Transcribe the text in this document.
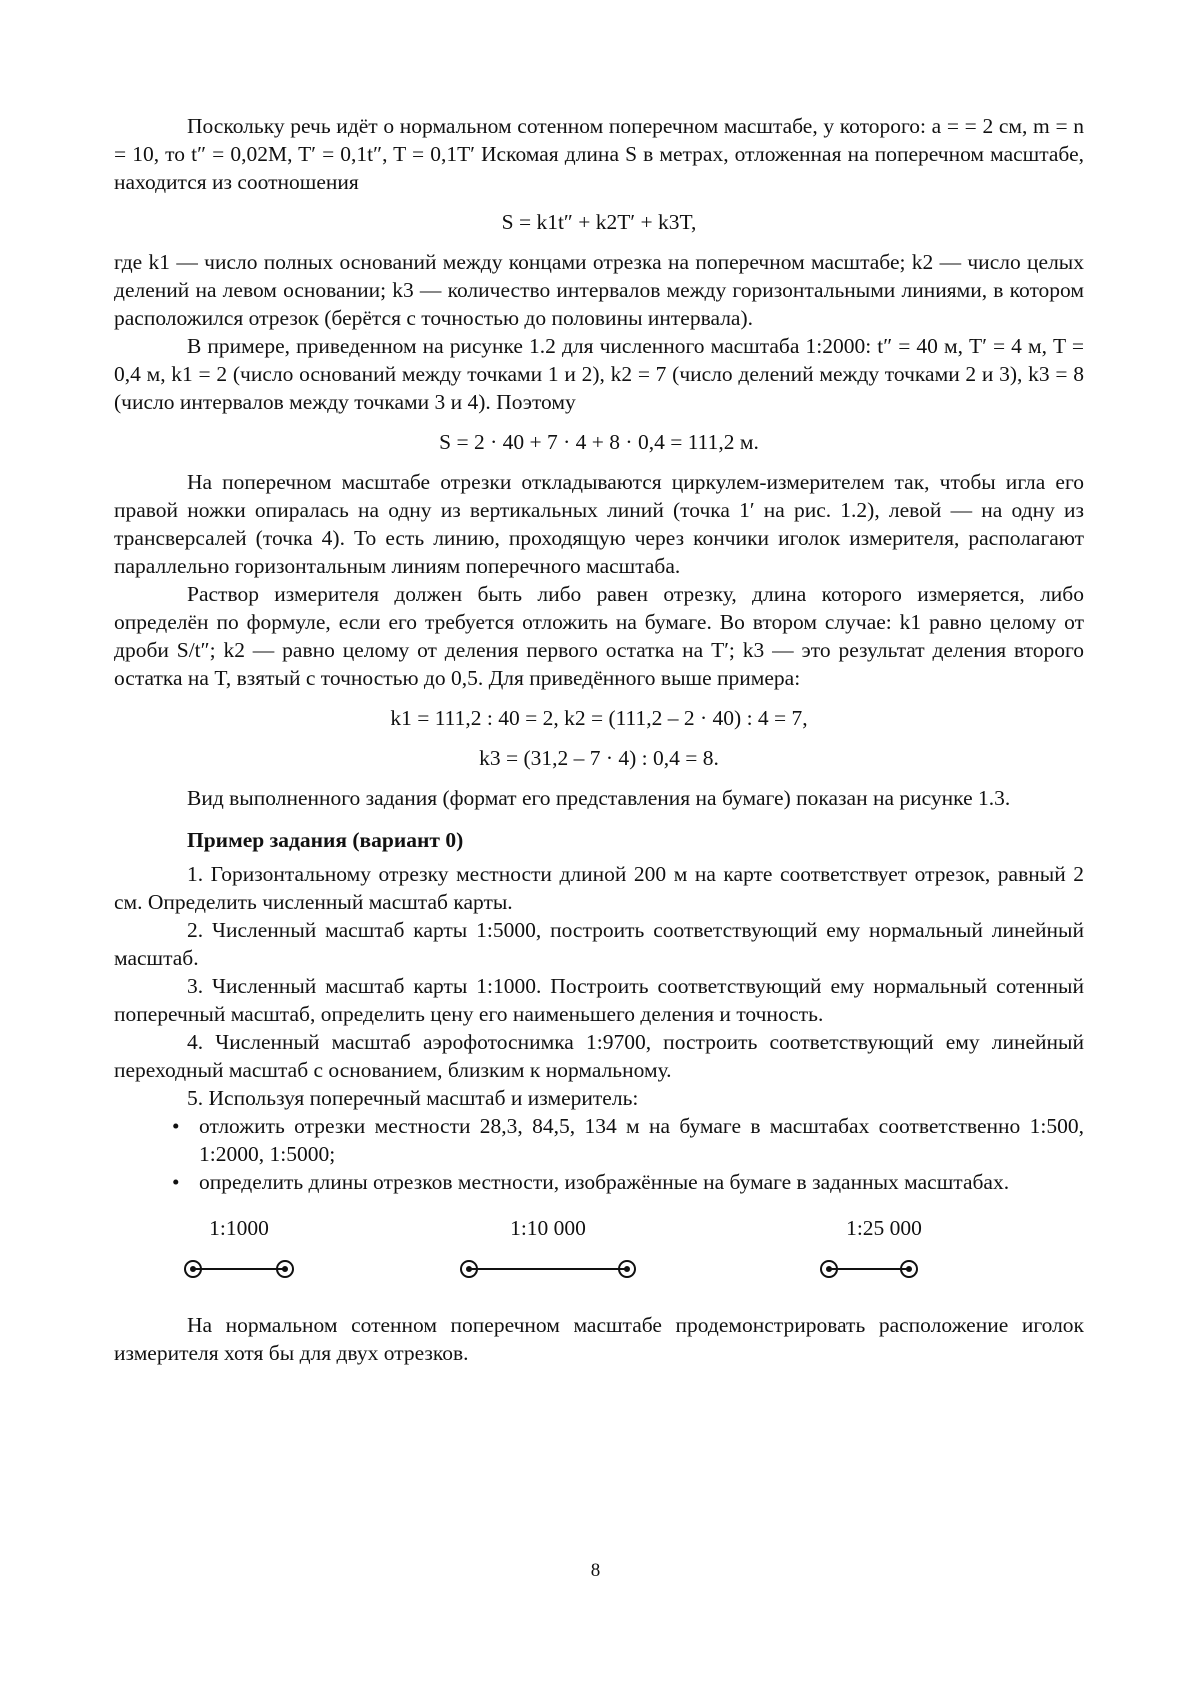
Поскольку речь идёт о нормальном сотенном поперечном масштабе, у которого: a = = 2 см, m = n = 10, то t″ = 0,02M, T′ = 0,1t″, T = 0,1T′ Искомая длина S в метрах, отложенная на поперечном масштабе, находится из соотношения

S = k1t″ + k2T′ + k3T,

где k1 — число полных оснований между концами отрезка на поперечном масштабе; k2 — число целых делений на левом основании; k3 — количество интервалов между горизонтальными линиями, в котором расположился отрезок (берётся с точностью до половины интервала).

В примере, приведенном на рисунке 1.2 для численного масштаба 1:2000: t″ = 40 м, T′ = 4 м, T = 0,4 м, k1 = 2 (число оснований между точками 1 и 2), k2 = 7 (число делений между точками 2 и 3), k3 = 8 (число интервалов между точками 3 и 4). Поэтому

S = 2 · 40 + 7 · 4 + 8 · 0,4 = 111,2 м.

На поперечном масштабе отрезки откладываются циркулем-измерителем так, чтобы игла его правой ножки опиралась на одну из вертикальных линий (точка 1′ на рис. 1.2), левой — на одну из трансверсалей (точка 4). То есть линию, проходящую через кончики иголок измерителя, располагают параллельно горизонтальным линиям поперечного масштаба.

Раствор измерителя должен быть либо равен отрезку, длина которого измеряется, либо определён по формуле, если его требуется отложить на бумаге. Во втором случае: k1 равно целому от дроби S/t″; k2 — равно целому от деления первого остатка на T′; k3 — это результат деления второго остатка на T, взятый с точностью до 0,5. Для приведённого выше примера:

k1 = 111,2 : 40 = 2, k2 = (111,2 – 2 · 40) : 4 = 7,

k3 = (31,2 – 7 · 4) : 0,4 = 8.

Вид выполненного задания (формат его представления на бумаге) показан на рисунке 1.3.

Пример задания (вариант 0)

1. Горизонтальному отрезку местности длиной 200 м на карте соответствует отрезок, равный 2 см. Определить численный масштаб карты.

2. Численный масштаб карты 1:5000, построить соответствующий ему нормальный линейный масштаб.

3. Численный масштаб карты 1:1000. Построить соответствующий ему нормальный сотенный поперечный масштаб, определить цену его наименьшего деления и точность.

4. Численный масштаб аэрофотоснимка 1:9700, построить соответствующий ему линейный переходный масштаб с основанием, близким к нормальному.

5. Используя поперечный масштаб и измеритель:

• отложить отрезки местности 28,3, 84,5, 134 м на бумаге в масштабах соответственно 1:500, 1:2000, 1:5000;
• определить длины отрезков местности, изображённые на бумаге в заданных масштабах.
1:1000	1:10 000	1:25 000

На нормальном сотенном поперечном масштабе продемонстрировать расположение иголок измерителя хотя бы для двух отрезков.

8
